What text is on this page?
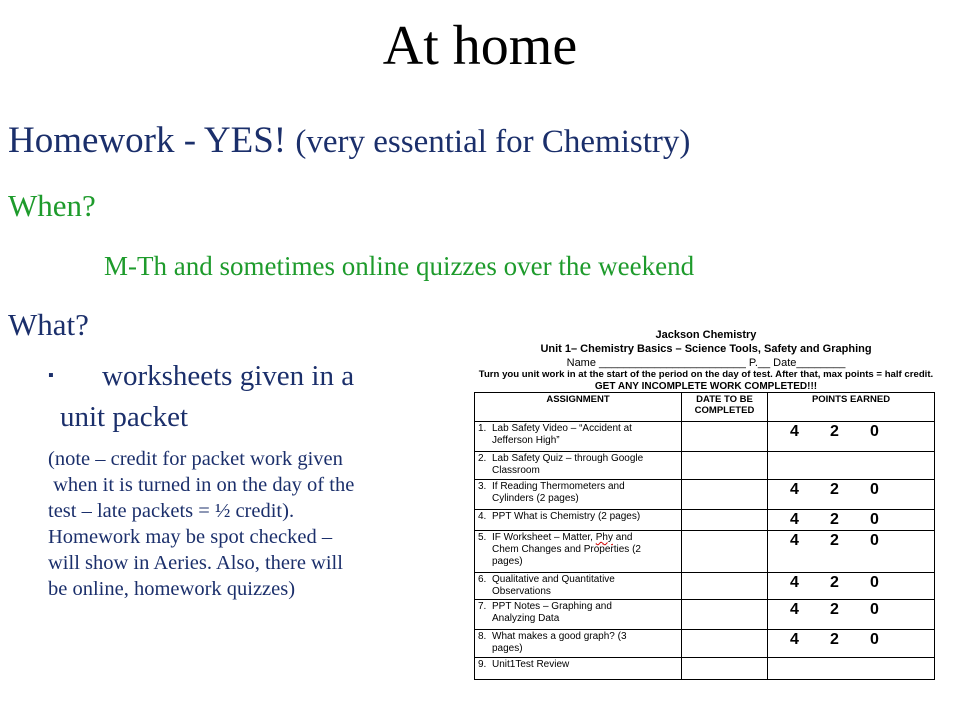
At home
Homework - YES! (very essential for Chemistry)
When?
M-Th and sometimes online quizzes over the weekend
What?
▪ worksheets given in a
unit packet
(note – credit for packet work given
when it is turned in on the day of the
test – late packets = ½ credit).
Homework may be spot checked –
will show in Aeries. Also, there will
be online, homework quizzes)
Jackson Chemistry
Unit 1– Chemistry Basics – Science Tools, Safety and Graphing
Name ________________________ P.__ Date________
Turn you unit work in at the start of the period on the day of test. After that, max points = half credit.
GET ANY INCOMPLETE WORK COMPLETED!!!
ASSIGNMENT	DATE TO BE COMPLETED	POINTS EARNED
1. Lab Safety Video – “Accident at
Jefferson High”		4 2 0
2. Lab Safety Quiz – through Google
Classroom		

3. If Reading Thermometers and
Cylinders (2 pages)		4 2 0
4. PPT What is Chemistry (2 pages)		4 2 0
5. IF Worksheet – Matter, Phy and
Chem Changes and Properties (2
pages)		4 2 0
6. Qualitative and Quantitative
Observations		4 2 0
7. PPT Notes – Graphing and
Analyzing Data		4 2 0
8. What makes a good graph? (3
pages)		4 2 0
9. Unit1Test Review		
